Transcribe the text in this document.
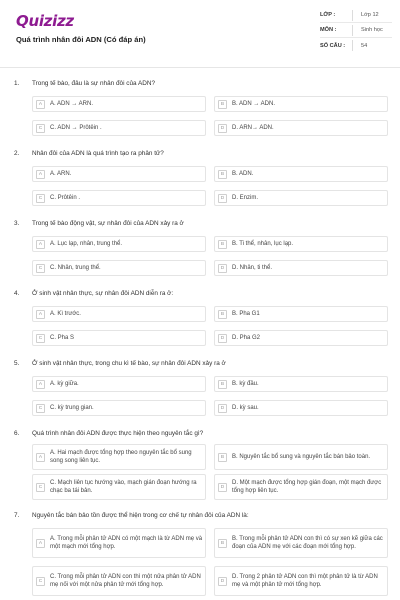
Quizizz
Quá trình nhân đôi ADN (Có đáp án)
LỚP :	Lớp 12
MÔN :	Sinh học
SỐ CÂU :	54
1. Trong tế bào, đâu là sự nhân đôi của ADN?
A	A. ADN → ARN.	B	B. ADN → ADN.
C	C. ADN → Prôtêin .	D	D. ARN→ ADN.
2. Nhân đôi của ADN là quá trình tạo ra phân tử?
A	A. ARN.	B	B. ADN.
C	C. Prôtêin .	D	D. Enzim.
3. Trong tế bào động vật, sự nhân đôi của ADN xảy ra ở
A	A. Lục lạp, nhân, trung thể.	B	B. Ti thể, nhân, lục lạp.
C	C. Nhân, trung thể.	D	D. Nhân, ti thể.
4. Ở sinh vật nhân thực, sự nhân đôi ADN diễn ra ở:
A	A. Kì trước.	B	B. Pha G1
C	C. Pha S	D	D. Pha G2
5. Ở sinh vật nhân thực, trong chu kì tế bào, sự nhân đôi ADN xảy ra ở
A	A. kỳ giữa.	B	B. kỳ đầu.
C	C. kỳ trung gian.	D	D. kỳ sau.
6. Quá trình nhân đôi ADN được thực hiện theo nguyên tắc gì?
A
A. Hai mạch được tổng hợp theo nguyên tắc bổ sung song song liên tục.
B	B. Nguyên tắc bổ sung và nguyên tắc bán bảo toàn.
C
C. Mạch liên tục hướng vào, mạch gián đoạn hướng ra chạc ba tái bản.
D
D. Một mạch được tổng hợp gián đoạn, một mạch được tổng hợp liên tục.
7. Nguyên tắc bán bảo tồn được thể hiện trong cơ chế tự nhân đôi của ADN là:
A
A. Trong mỗi phân tử ADN có một mạch là từ ADN mẹ và một mạch mới tổng hợp.
B
B. Trong mỗi phân tử ADN con thì có sự xen kẽ giữa các đoạn của ADN mẹ với các đoạn mới tổng hợp.
C
C. Trong mỗi phân tử ADN con thì một nửa phân tử ADN mẹ nối với một nửa phân tử mới tổng hợp.
D
D. Trong 2 phân tử ADN con thì một phân tử là từ ADN mẹ và một phân tử mới tổng hợp.
